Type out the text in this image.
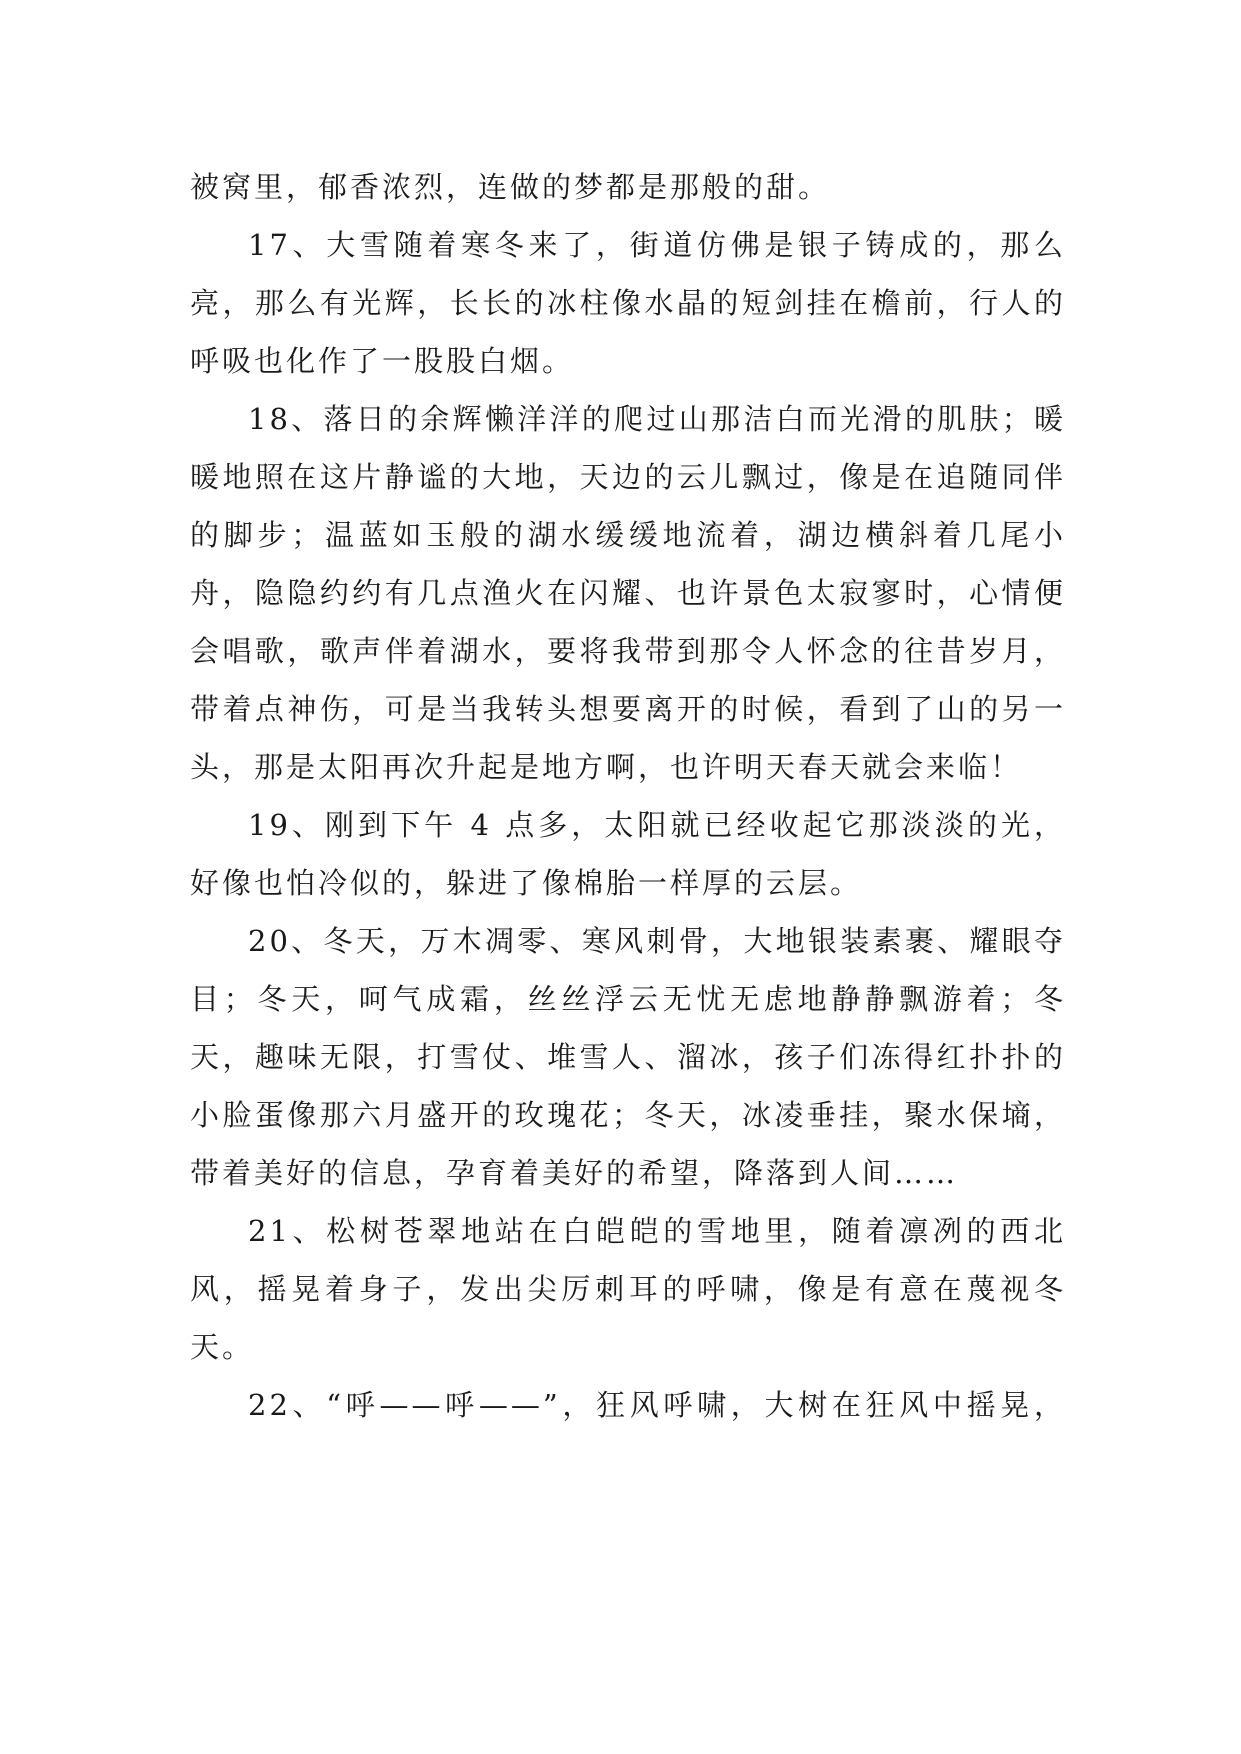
被窝里，郁香浓烈，连做的梦都是那般的甜。

17、大雪随着寒冬来了，街道仿佛是银子铸成的，那么亮，那么有光辉，长长的冰柱像水晶的短剑挂在檐前，行人的呼吸也化作了一股股白烟。

18、落日的余辉懒洋洋的爬过山那洁白而光滑的肌肤；暖暖地照在这片静谧的大地，天边的云儿飘过，像是在追随同伴的脚步；温蓝如玉般的湖水缓缓地流着，湖边横斜着几尾小舟，隐隐约约有几点渔火在闪耀、也许景色太寂寥时，心情便会唱歌，歌声伴着湖水，要将我带到那令人怀念的往昔岁月，带着点神伤，可是当我转头想要离开的时候，看到了山的另一头，那是太阳再次升起是地方啊，也许明天春天就会来临！

19、刚到下午 4 点多，太阳就已经收起它那淡淡的光，好像也怕冷似的，躲进了像棉胎一样厚的云层。

20、冬天，万木凋零、寒风刺骨，大地银装素裹、耀眼夺目；冬天，呵气成霜，丝丝浮云无忧无虑地静静飘游着；冬天，趣味无限，打雪仗、堆雪人、溜冰，孩子们冻得红扑扑的小脸蛋像那六月盛开的玫瑰花；冬天，冰凌垂挂，聚水保墒，带着美好的信息，孕育着美好的希望，降落到人间……

21、松树苍翠地站在白皑皑的雪地里，随着凛冽的西北风，摇晃着身子，发出尖厉刺耳的呼啸，像是有意在蔑视冬天。

22、“呼——呼——”，狂风呼啸，大树在狂风中摇晃，
